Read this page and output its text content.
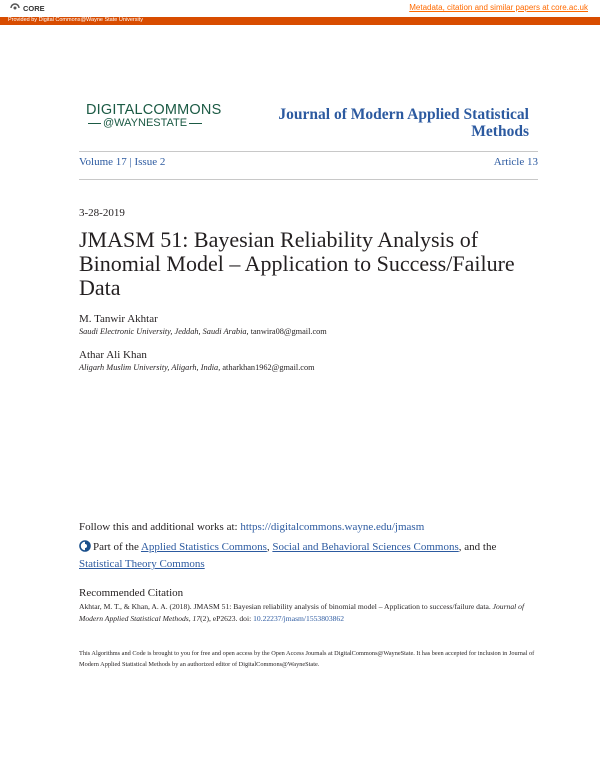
CORE	Metadata, citation and similar papers at core.ac.uk
Provided by Digital Commons@Wayne State University
DIGITALCOMMONS
@WAYNESTATE	Journal of Modern Applied Statistical Methods
Volume 17 | Issue 2	Article 13
3-28-2019
JMASM 51: Bayesian Reliability Analysis of Binomial Model – Application to Success/Failure Data
M. Tanwir Akhtar
Saudi Electronic University, Jeddah, Saudi Arabia, tanwira08@gmail.com
Athar Ali Khan
Aligarh Muslim University, Aligarh, India, atharkhan1962@gmail.com
Follow this and additional works at: https://digitalcommons.wayne.edu/jmasm
Part of the Applied Statistics Commons, Social and Behavioral Sciences Commons, and the Statistical Theory Commons
Recommended Citation
Akhtar, M. T., & Khan, A. A. (2018). JMASM 51: Bayesian reliability analysis of binomial model – Application to success/failure data. Journal of Modern Applied Statistical Methods, 17(2), eP2623. doi: 10.22237/jmasm/1553803862
This Algorithms and Code is brought to you for free and open access by the Open Access Journals at DigitalCommons@WayneState. It has been accepted for inclusion in Journal of Modern Applied Statistical Methods by an authorized editor of DigitalCommons@WayneState.
